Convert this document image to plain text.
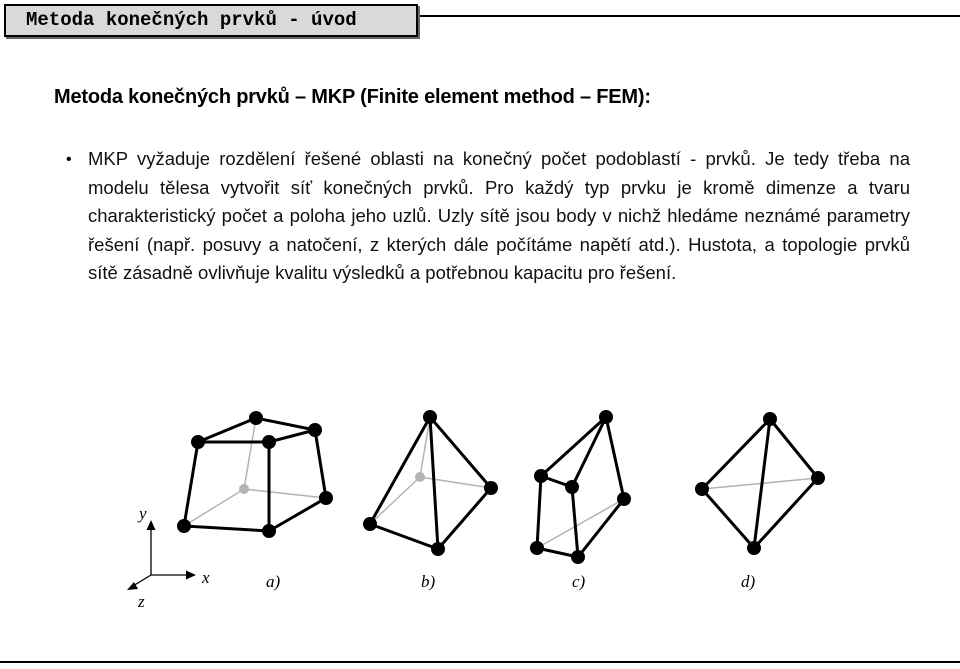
Metoda konečných prvků - úvod
Metoda konečných prvků – MKP (Finite element method – FEM):
• MKP vyžaduje rozdělení řešené oblasti na konečný počet podoblastí - prvků. Je tedy třeba na modelu tělesa vytvořit síť konečných prvků. Pro každý typ prvku je kromě dimenze a tvaru charakteristický počet a poloha jeho uzlů. Uzly sítě jsou body v nichž hledáme neznámé parametry řešení (např. posuvy a natočení, z kterých dále počítáme napětí atd.). Hustota, a topologie prvků sítě zásadně ovlivňuje kvalitu výsledků a potřebnou kapacitu pro řešení.
y
x
z
a)	b)	c)	d)
